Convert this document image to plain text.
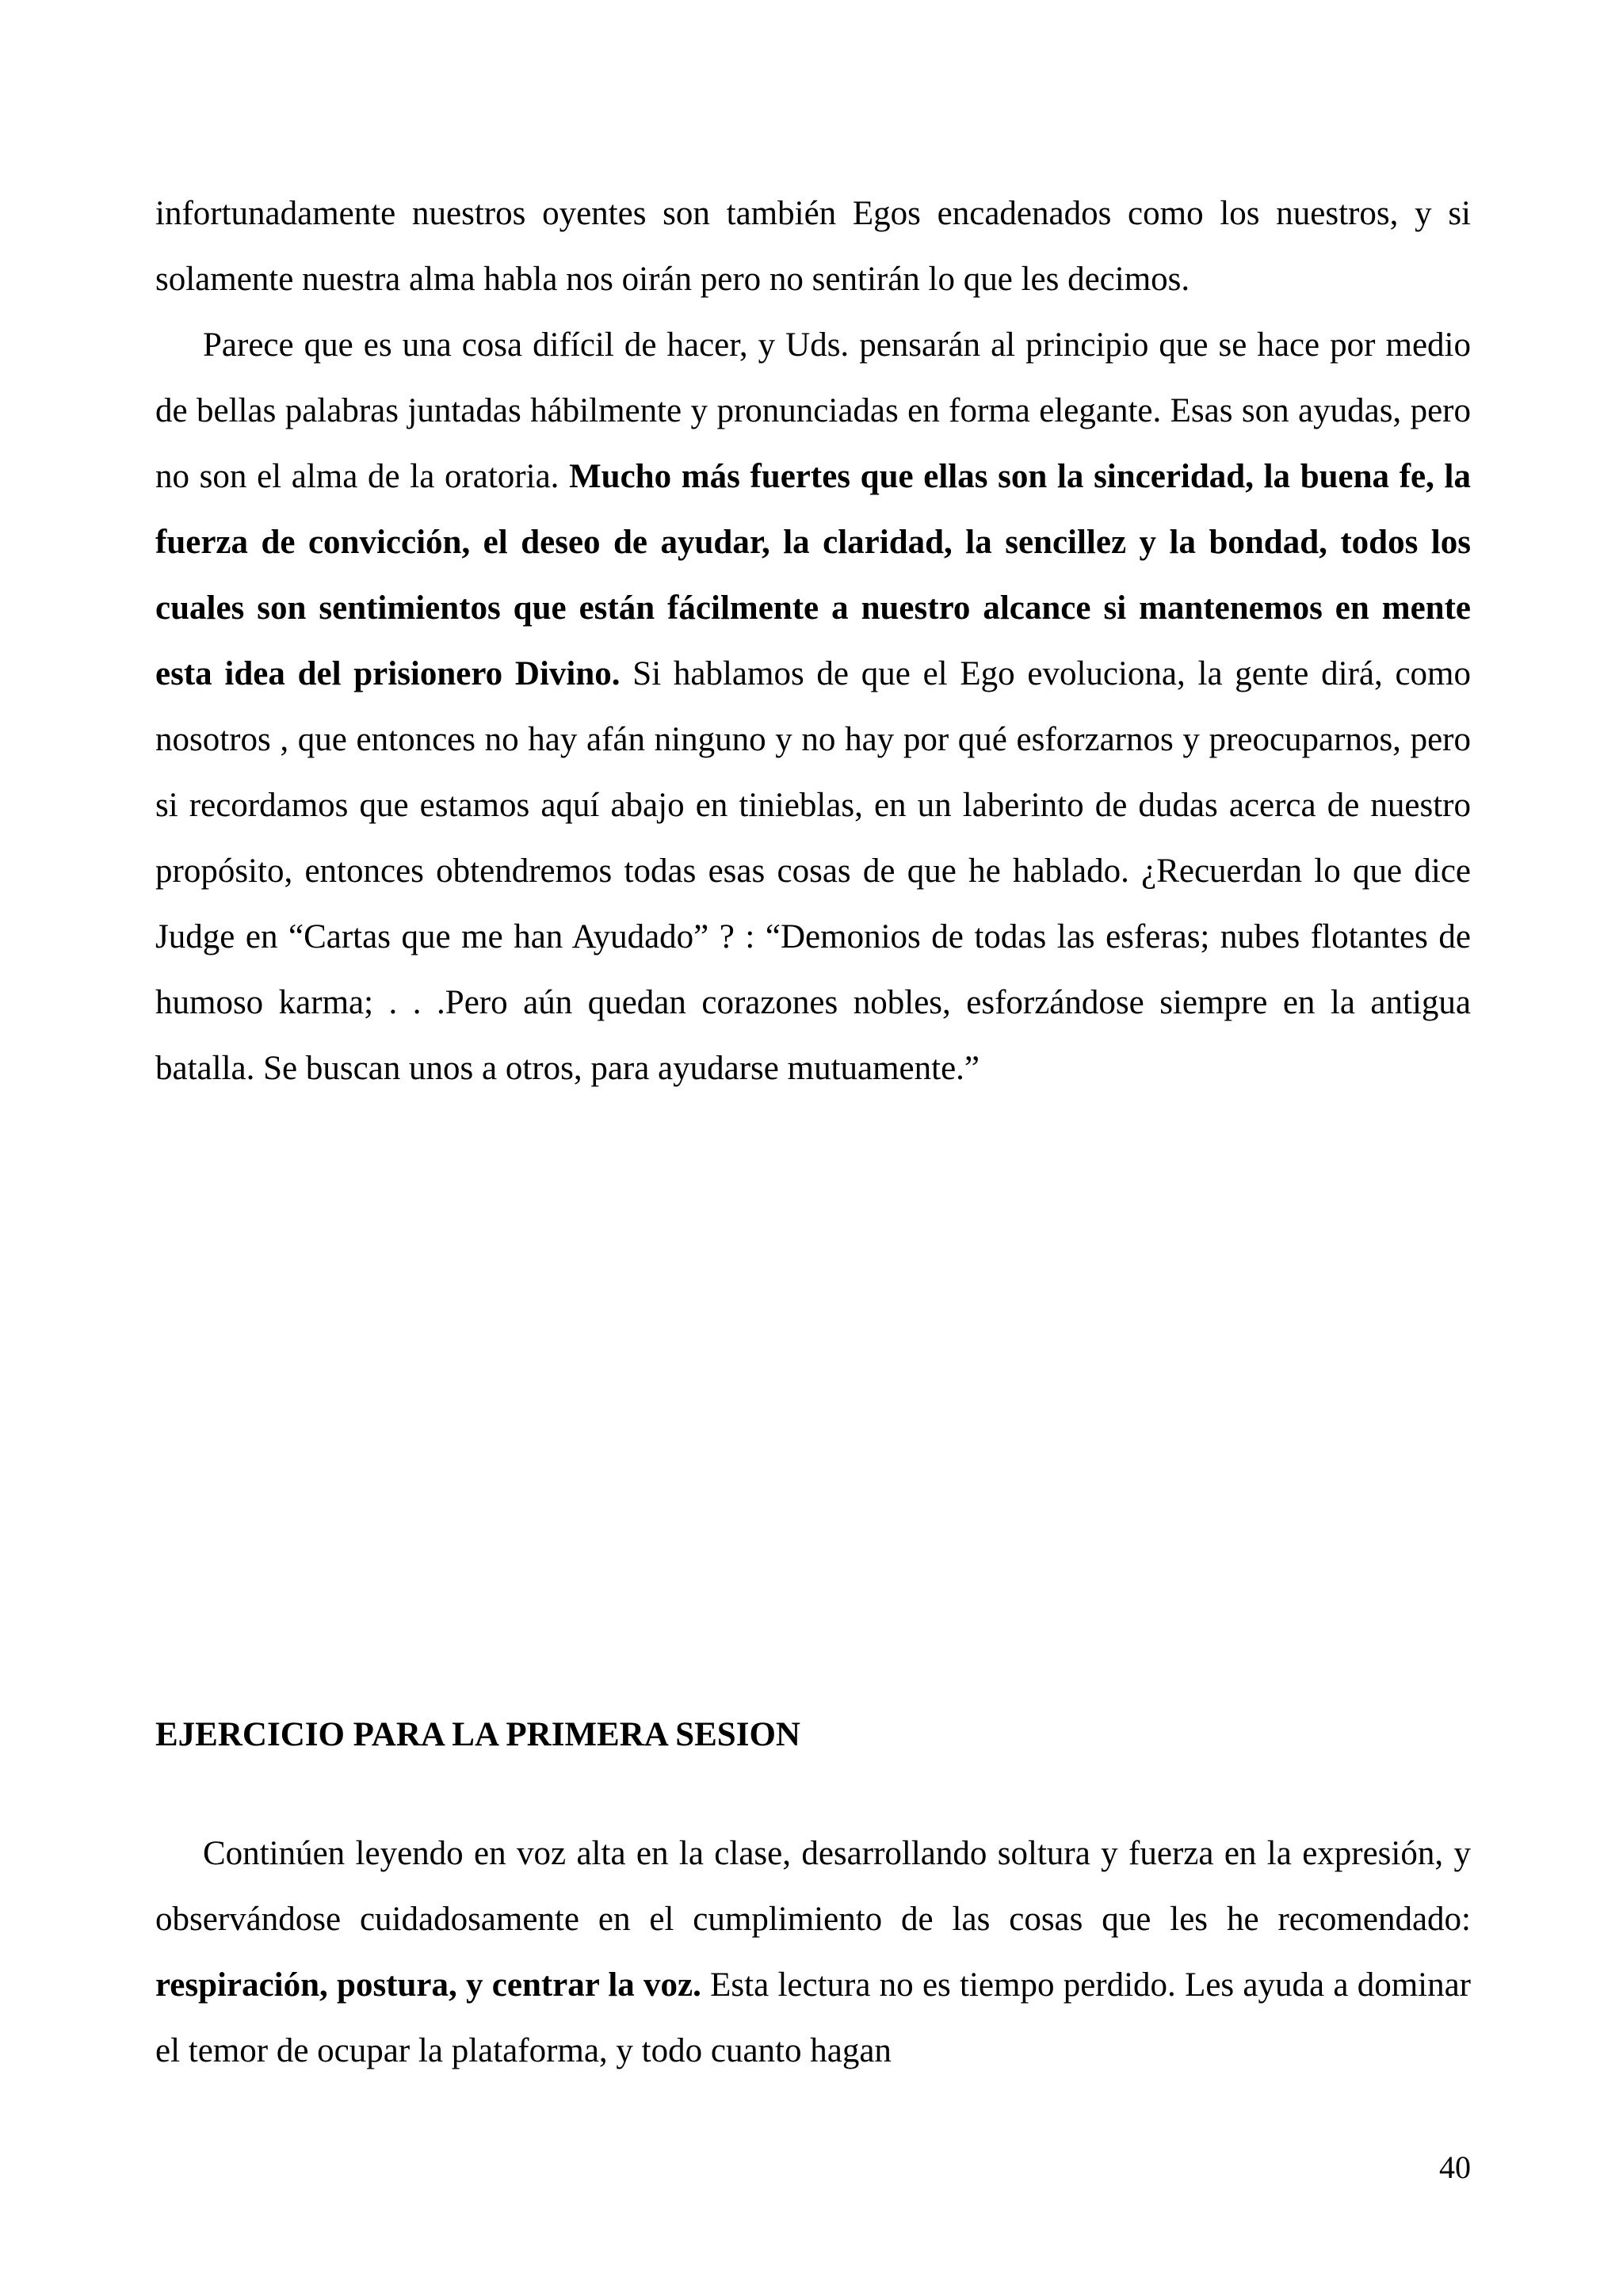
infortunadamente nuestros oyentes son también Egos encadenados como los nuestros, y si solamente nuestra alma habla nos oirán pero no sentirán lo que les decimos.

Parece que es una cosa difícil de hacer, y Uds. pensarán al principio que se hace por medio de bellas palabras juntadas hábilmente y pronunciadas en forma elegante. Esas son ayudas, pero no son el alma de la oratoria. Mucho más fuertes que ellas son la sinceridad, la buena fe, la fuerza de convicción, el deseo de ayudar, la claridad, la sencillez y la bondad, todos los cuales son sentimientos que están fácilmente a nuestro alcance si mantenemos en mente esta idea del prisionero Divino. Si hablamos de que el Ego evoluciona, la gente dirá, como nosotros , que entonces no hay afán ninguno y no hay por qué esforzarnos y preocuparnos, pero si recordamos que estamos aquí abajo en tinieblas, en un laberinto de dudas acerca de nuestro propósito, entonces obtendremos todas esas cosas de que he hablado. ¿Recuerdan lo que dice Judge en “Cartas que me han Ayudado” ? : “Demonios de todas las esferas; nubes flotantes de humoso karma; . . .Pero aún quedan corazones nobles, esforzándose siempre en la antigua batalla. Se buscan unos a otros, para ayudarse mutuamente.”

EJERCICIO PARA LA PRIMERA SESION

Continúen leyendo en voz alta en la clase, desarrollando soltura y fuerza en la expresión, y observándose cuidadosamente en el cumplimiento de las cosas que les he recomendado: respiración, postura, y centrar la voz. Esta lectura no es tiempo perdido. Les ayuda a dominar el temor de ocupar la plataforma, y todo cuanto hagan

40
